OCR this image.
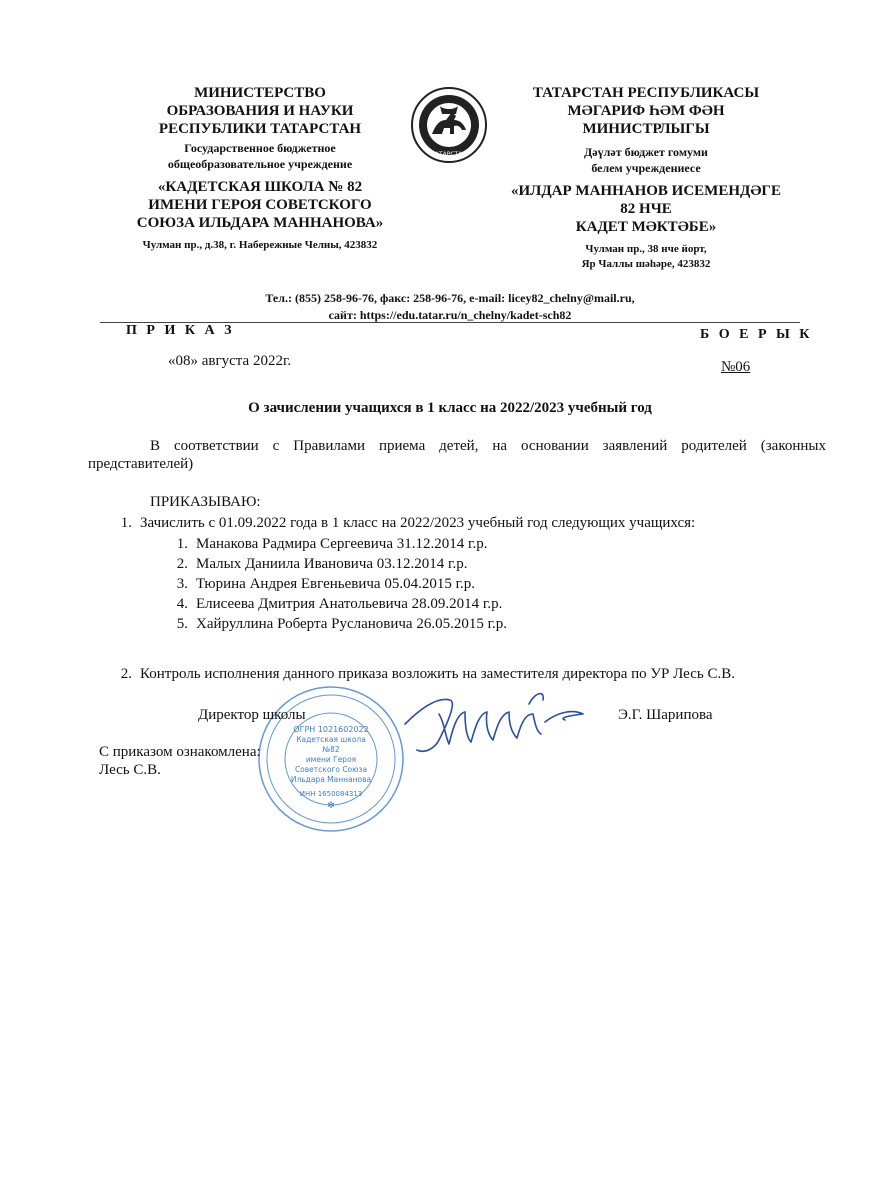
МИНИСТЕРСТВО
ОБРАЗОВАНИЯ И НАУКИ
РЕСПУБЛИКИ ТАТАРСТАН
Государственное бюджетное
общеобразовательное учреждение
«КАДЕТСКАЯ ШКОЛА № 82
ИМЕНИ ГЕРОЯ СОВЕТСКОГО
СОЮЗА ИЛЬДАРА МАННАНОВА»
Чулман пр., д.38, г. Набережные Челны, 423832
ТАТАРСТАН
ТАТАРСТАН РЕСПУБЛИКАСЫ
МӘГАРИФ ҺӘМ ФӘН
МИНИСТРЛЫГЫ
Дәүләт бюджет гомуми
белем учреждениесе
«ИЛДАР МАННАНОВ ИСЕМЕНДӘГЕ
82 НЧЕ
КАДЕТ МӘКТӘБЕ»
Чулман пр., 38 нче йорт,
Яр Чаллы шәһәре, 423832
Тел.: (855) 258-96-76, факс: 258-96-76, e-mail: licey82_chelny@mail.ru,
сайт: https://edu.tatar.ru/n_chelny/kadet-sch82
П Р И К А З	Б О Е Р Ы К
«08» августа 2022г.	№06
О зачислении учащихся в 1 класс на 2022/2023 учебный год
В соответствии с Правилами приема детей, на основании заявлений родителей (законных
представителей)
ПРИКАЗЫВАЮ:
1. Зачислить с 01.09.2022 года в 1 класс на 2022/2023 учебный год следующих учащихся:
1. Манакова Радмира Сергеевича 31.12.2014 г.р.
2. Малых Даниила Ивановича 03.12.2014 г.р.
3. Тюрина Андрея Евгеньевича 05.04.2015 г.р.
4. Елисеева Дмитрия Анатольевича 28.09.2014 г.р.
5. Хайруллина Роберта Руслановича 26.05.2015 г.р.
2. Контроль исполнения данного приказа возложить на заместителя директора по УР Лесь С.В.
ОГРН 1021602022
Кадетская школа
№82
имени Героя
Советского Союза
Ильдара Маннанова
ИНН 1650084313
✻
Директор школы	Э.Г. Шарипова
С приказом ознакомлена:
Лесь С.В.
